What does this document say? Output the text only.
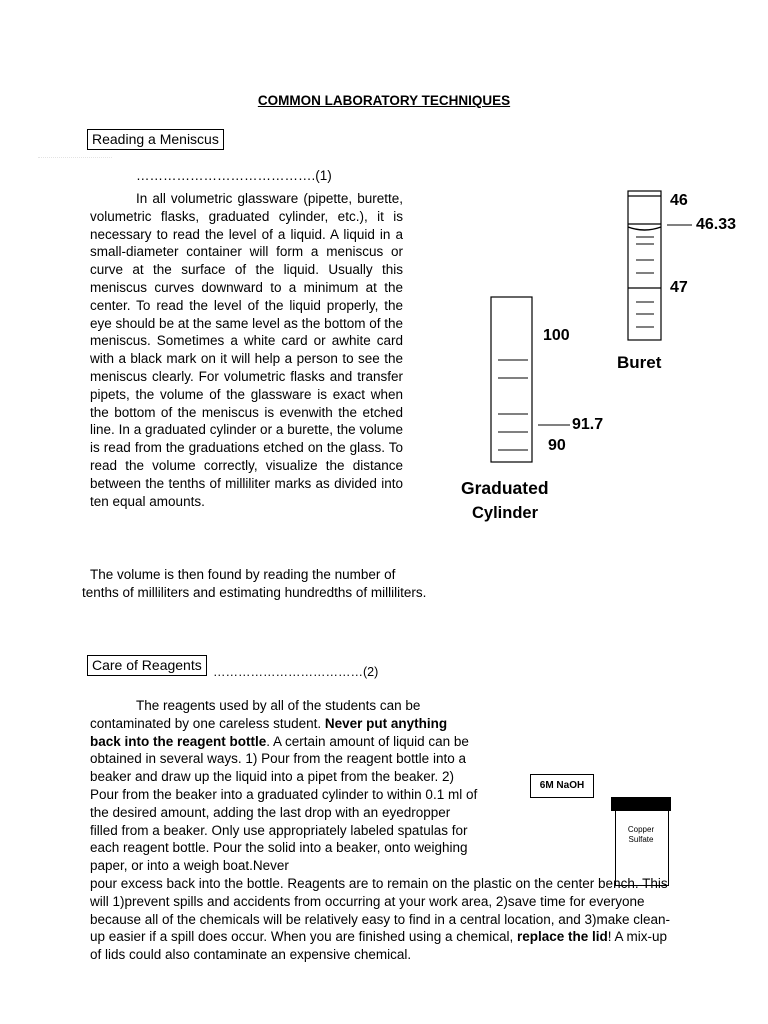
COMMON LABORATORY TECHNIQUES
Reading a Meniscus
………………………………….(1)
In all volumetric glassware (pipette, burette, volumetric flasks, graduated cylinder, etc.), it is necessary to read the level of a liquid. A liquid in a small-diameter container will form a meniscus or curve at the surface of the liquid. Usually this meniscus curves downward to a minimum at the center. To read the level of the liquid properly, the eye should be at the same level as the bottom of the meniscus. Sometimes a white card or awhite card with a black mark on it will help a person to see the meniscus clearly. For volumetric flasks and transfer pipets, the volume of the glassware is exact when the bottom of the meniscus is evenwith the etched line. In a graduated cylinder or a burette, the volume is read from the graduations etched on the glass. To read the volume correctly, visualize the distance between the tenths of milliliter marks as divided into ten equal amounts.
The volume is then found by reading the number of
tenths of milliliters and estimating hundredths of milliliters.
46
46.33
47
Buret
100
91.7
90
Graduated
Cylinder
Care of Reagents ………………………………(2)
The reagents used by all of the students can be contaminated by one careless student. Never put anything back into the reagent bottle. A certain amount of liquid can be obtained in several ways. 1) Pour from the reagent bottle into a beaker and draw up the liquid into a pipet from the beaker. 2) Pour from the beaker into a graduated cylinder to within 0.1 ml of the desired amount, adding the last drop with an eyedropper filled from a beaker. Only use appropriately labeled spatulas for each reagent bottle. Pour the solid into a beaker, onto weighing paper, or into a weigh boat.Never
pour excess back into the bottle. Reagents are to remain on the plastic on the center bench. This will 1)prevent spills and accidents from occurring at your work area, 2)save time for everyone because all of the chemicals will be relatively easy to find in a central location, and 3)make clean-up easier if a spill does occur. When you are finished using a chemical, replace the lid! A mix-up of lids could also contaminate an expensive chemical.
6M NaOH
Copper
Sulfate
